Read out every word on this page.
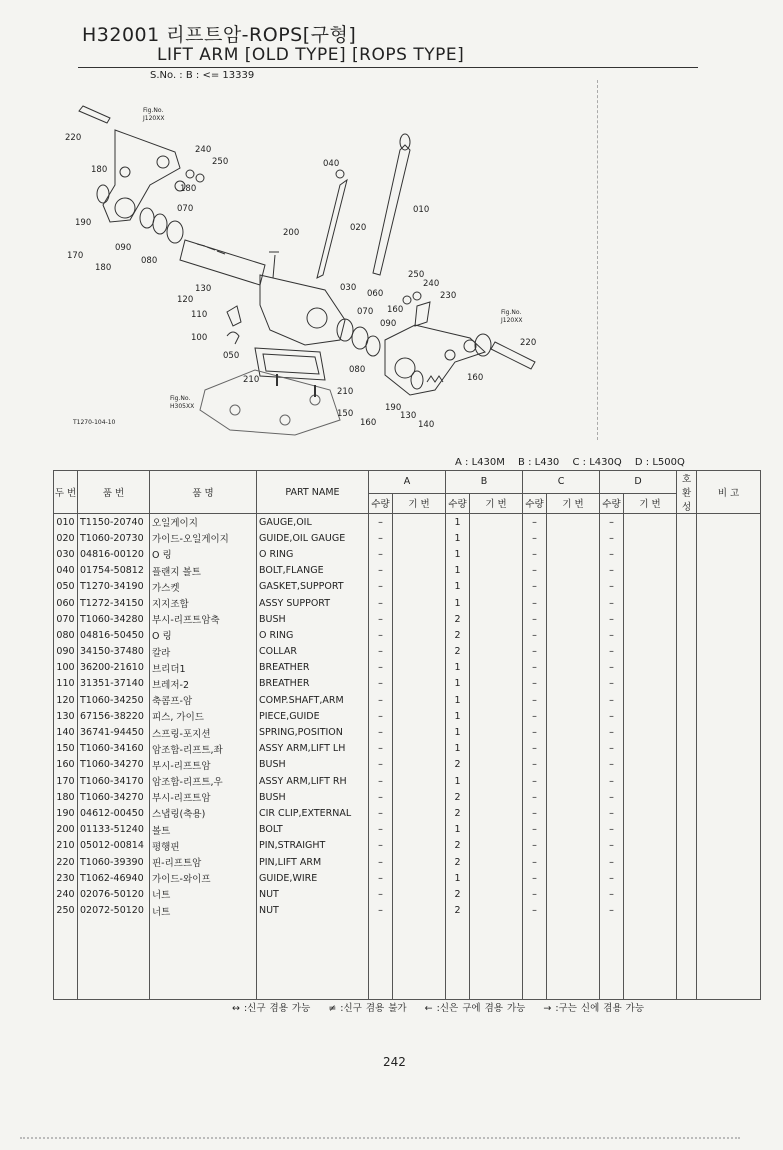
H32001 리프트암-ROPS[구형]
LIFT ARM [OLD TYPE] [ROPS TYPE]
S.No. : B : <= 13339
220
240
250
180
180
070
190
090
080
170
180
200
130
120
110
100
050
040
020
010
030
060
070
250
240
230
160
090
080
210
210
190
130
140
150
160
160
220
Fig.No.
J120XX
Fig.No.
J120XX
Fig.No.
H305XX
T1270-104-10
A : L430M B : L430 C : L430Q D : L500Q
두 번	품 번	품 명	PART NAME	A		B		C		D		호 환 성	비 고
				수량	기 번	수량	기 번	수량	기 번	수량	기 번		
010	T1150-20740	오일게이지	GAUGE,OIL	–		1		–		–			
020	T1060-20730	가이드-오일게이지	GUIDE,OIL GAUGE	–		1		–		–			
030	04816-00120	O 링	O RING	–		1		–		–			
040	01754-50812	플랜지 볼트	BOLT,FLANGE	–		1		–		–			
050	T1270-34190	가스켓	GASKET,SUPPORT	–		1		–		–			
060	T1272-34150	지지조합	ASSY SUPPORT	–		1		–		–			
070	T1060-34280	부시-리프트암축	BUSH	–		2		–		–			
080	04816-50450	O 링	O RING	–		2		–		–			
090	34150-37480	칼라	COLLAR	–		2		–		–			
100	36200-21610	브리더1	BREATHER	–		1		–		–			
110	31351-37140	브레저-2	BREATHER	–		1		–		–			
120	T1060-34250	축콤프-암	COMP.SHAFT,ARM	–		1		–		–			
130	67156-38220	피스, 가이드	PIECE,GUIDE	–		1		–		–			
140	36741-94450	스프링-포지션	SPRING,POSITION	–		1		–		–			
150	T1060-34160	암조합-리프트,좌	ASSY ARM,LIFT LH	–		1		–		–			
160	T1060-34270	부시-리프트암	BUSH	–		2		–		–			
170	T1060-34170	암조합-리프트,우	ASSY ARM,LIFT RH	–		1		–		–			
180	T1060-34270	부시-리프트암	BUSH	–		2		–		–			
190	04612-00450	스냅링(축용)	CIR CLIP,EXTERNAL	–		2		–		–			
200	01133-51240	볼트	BOLT	–		1		–		–			
210	05012-00814	평행핀	PIN,STRAIGHT	–		2		–		–			
220	T1060-39390	핀-리프트암	PIN,LIFT ARM	–		2		–		–			
230	T1062-46940	가이드-와이프	GUIDE,WIRE	–		1		–		–			
240	02076-50120	너트	NUT	–		2		–		–			
250	02072-50120	너트	NUT	–		2		–		–			

↔ :신구 겸용 가능 ≠ :신구 겸용 불가 ← :신은 구에 겸용 가능 → :구는 신에 겸용 가능
242
